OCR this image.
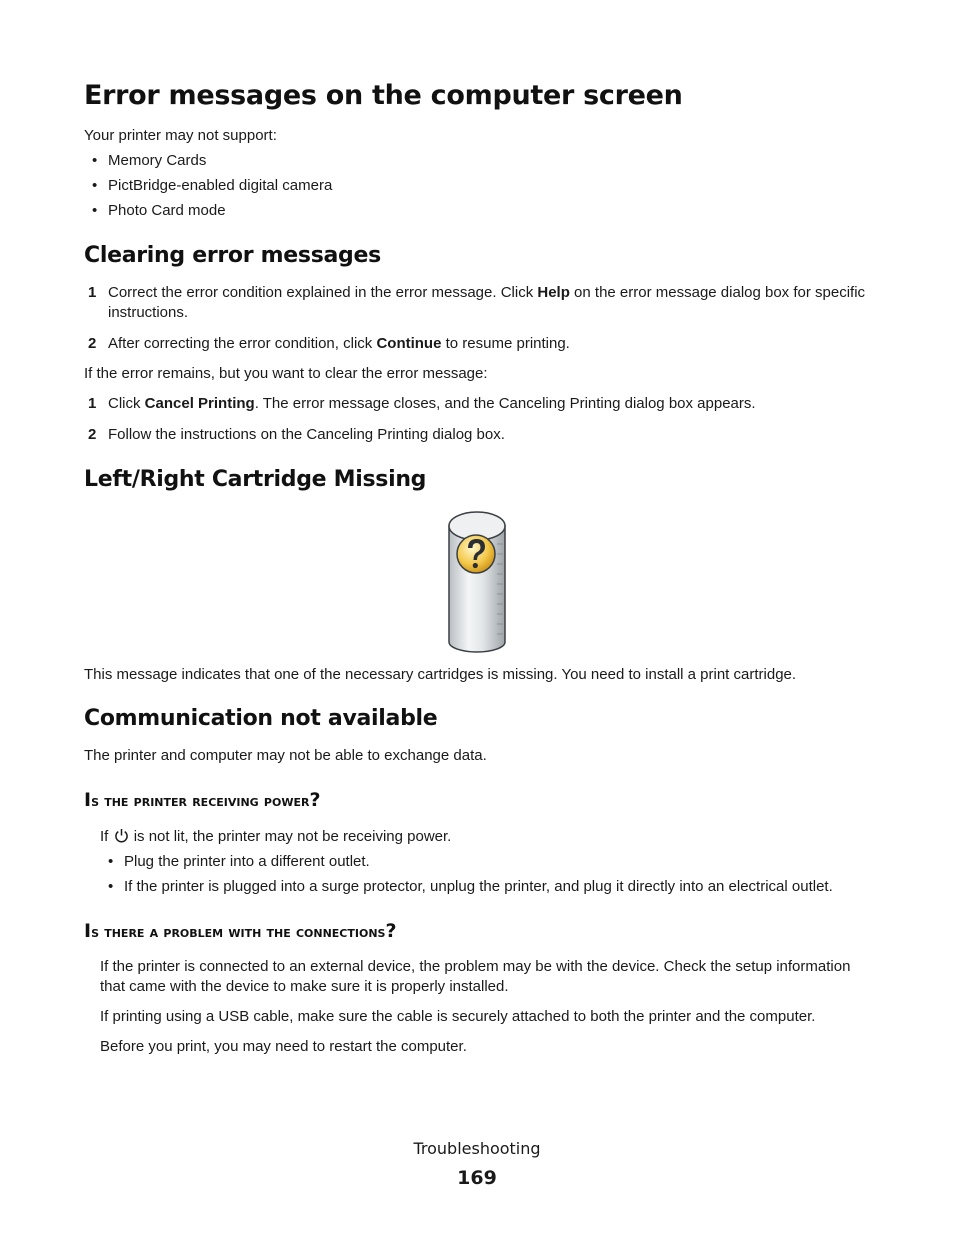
Error messages on the computer screen

Your printer may not support:

• Memory Cards
• PictBridge-enabled digital camera
• Photo Card mode
Clearing error messages
1 Correct the error condition explained in the error message. Click Help on the error message dialog box for specific instructions.
2 After correcting the error condition, click Continue to resume printing.

If the error remains, but you want to clear the error message:

1 Click Cancel Printing. The error message closes, and the Canceling Printing dialog box appears.
2 Follow the instructions on the Canceling Printing dialog box.
Left/Right Cartridge Missing

This message indicates that one of the necessary cartridges is missing. You need to install a print cartridge.

Communication not available

The printer and computer may not be able to exchange data.

Is the printer receiving power?

If is not lit, the printer may not be receiving power.

• Plug the printer into a different outlet.
• If the printer is plugged into a surge protector, unplug the printer, and plug it directly into an electrical outlet.
Is there a problem with the connections?

If the printer is connected to an external device, the problem may be with the device. Check the setup information that came with the device to make sure it is properly installed.

If printing using a USB cable, make sure the cable is securely attached to both the printer and the computer.

Before you print, you may need to restart the computer.

Troubleshooting
169
